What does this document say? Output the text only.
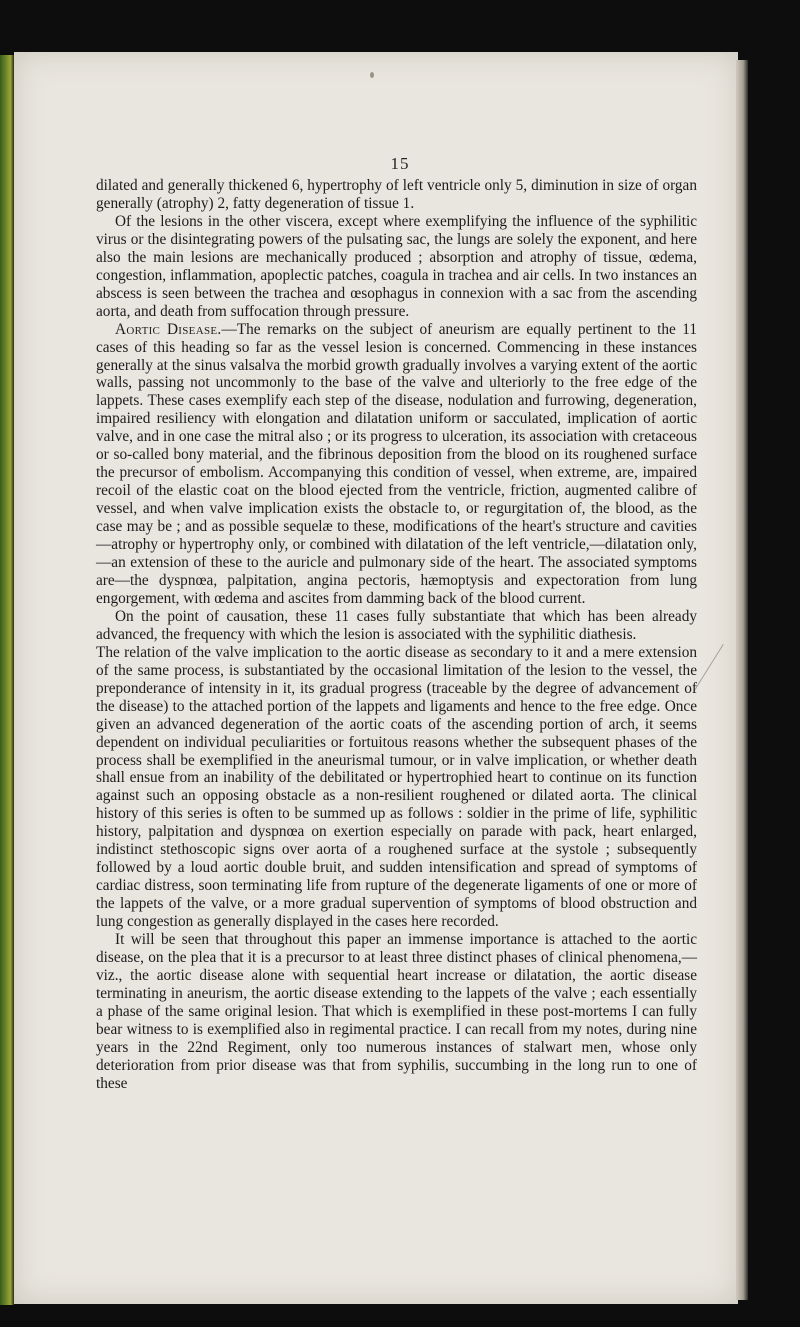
15

dilated and generally thickened 6, hypertrophy of left ventricle only 5, diminution in size of organ generally (atrophy) 2, fatty degeneration of tissue 1.

Of the lesions in the other viscera, except where exemplifying the influence of the syphilitic virus or the disintegrating powers of the pulsating sac, the lungs are solely the exponent, and here also the main lesions are mechanically produced ; absorption and atrophy of tissue, œdema, congestion, inflammation, apoplectic patches, coagula in trachea and air cells. In two instances an abscess is seen between the trachea and œsophagus in connexion with a sac from the ascending aorta, and death from suffocation through pressure.

Aortic Disease.—The remarks on the subject of aneurism are equally pertinent to the 11 cases of this heading so far as the vessel lesion is concerned. Commencing in these instances generally at the sinus valsalva the morbid growth gradually involves a varying extent of the aortic walls, passing not uncommonly to the base of the valve and ulteriorly to the free edge of the lappets. These cases exemplify each step of the disease, nodulation and furrowing, degeneration, impaired resiliency with elongation and dilatation uniform or sacculated, implication of aortic valve, and in one case the mitral also ; or its progress to ulceration, its association with cretaceous or so-called bony material, and the fibrinous deposition from the blood on its roughened surface the precursor of embolism. Accompanying this condition of vessel, when extreme, are, impaired recoil of the elastic coat on the blood ejected from the ventricle, friction, augmented calibre of vessel, and when valve implication exists the obstacle to, or regurgitation of, the blood, as the case may be ; and as possible sequelæ to these, modifications of the heart's structure and cavities—atrophy or hypertrophy only, or combined with dilatation of the left ventricle,—dilatation only,—an extension of these to the auricle and pulmonary side of the heart. The associated symptoms are—the dyspnœa, palpitation, angina pectoris, hæmoptysis and expectoration from lung engorgement, with œdema and ascites from damming back of the blood current.

On the point of causation, these 11 cases fully substantiate that which has been already advanced, the frequency with which the lesion is associated with the syphilitic diathesis.

The relation of the valve implication to the aortic disease as secondary to it and a mere extension of the same process, is substantiated by the occasional limitation of the lesion to the vessel, the preponderance of intensity in it, its gradual progress (traceable by the degree of advancement of the disease) to the attached portion of the lappets and ligaments and hence to the free edge. Once given an advanced degeneration of the aortic coats of the ascending portion of arch, it seems dependent on individual peculiarities or fortuitous reasons whether the subsequent phases of the process shall be exemplified in the aneurismal tumour, or in valve implication, or whether death shall ensue from an inability of the debilitated or hypertrophied heart to continue on its function against such an opposing obstacle as a non-resilient roughened or dilated aorta. The clinical history of this series is often to be summed up as follows : soldier in the prime of life, syphilitic history, palpitation and dyspnœa on exertion especially on parade with pack, heart enlarged, indistinct stethoscopic signs over aorta of a roughened surface at the systole ; subsequently followed by a loud aortic double bruit, and sudden intensification and spread of symptoms of cardiac distress, soon terminating life from rupture of the degenerate ligaments of one or more of the lappets of the valve, or a more gradual supervention of symptoms of blood obstruction and lung congestion as generally displayed in the cases here recorded.

It will be seen that throughout this paper an immense importance is attached to the aortic disease, on the plea that it is a precursor to at least three distinct phases of clinical phenomena,—viz., the aortic disease alone with sequential heart increase or dilatation, the aortic disease terminating in aneurism, the aortic disease extending to the lappets of the valve ; each essentially a phase of the same original lesion. That which is exemplified in these post-mortems I can fully bear witness to is exemplified also in regimental practice. I can recall from my notes, during nine years in the 22nd Regiment, only too numerous instances of stalwart men, whose only deterioration from prior disease was that from syphilis, succumbing in the long run to one of these
